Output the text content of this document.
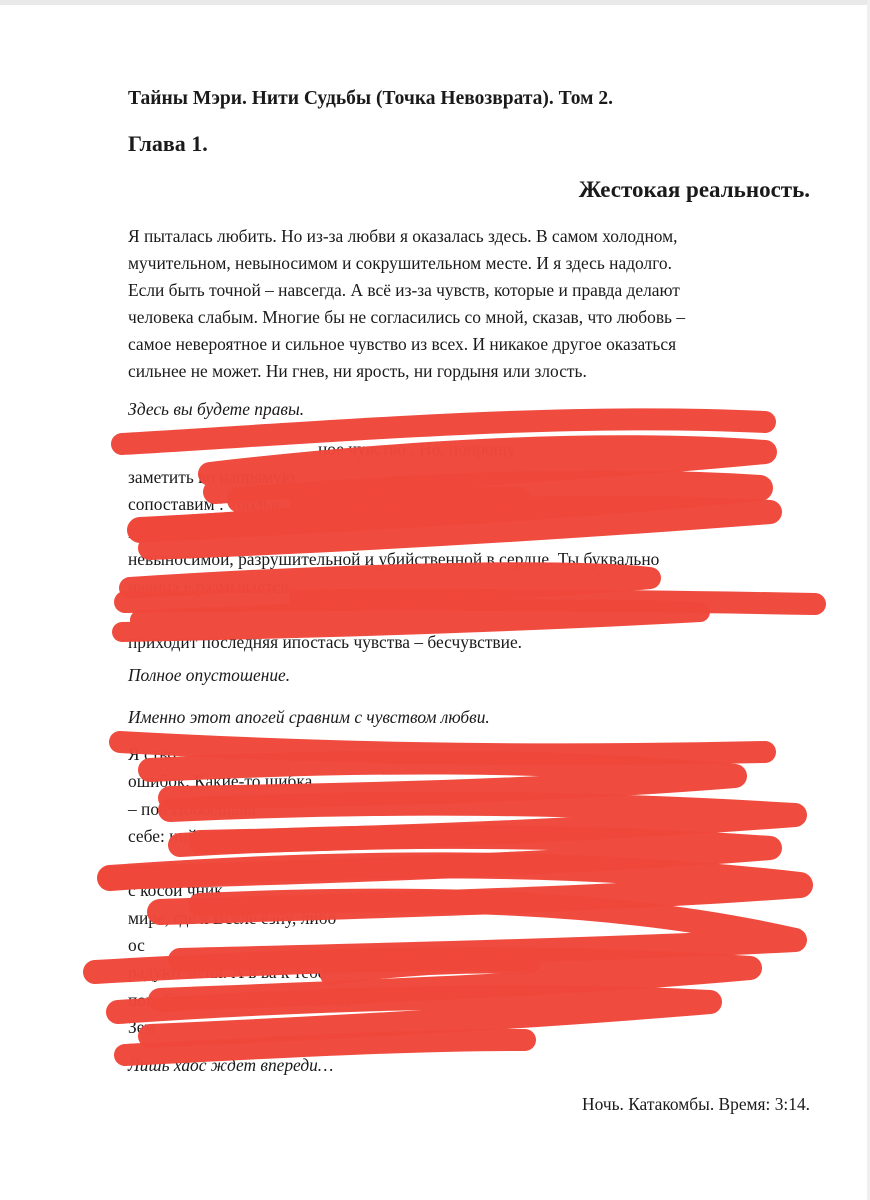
Тайны Мэри. Нити Судьбы (Точка Невозврата). Том 2.
Глава 1.
Жестокая реальность.

Я пыталась любить. Но из-за любви я оказалась здесь. В самом холодном,
мучительном, невыносимом и сокрушительном месте. И я здесь надолго.
Если быть точной – навсегда. А всё из-за чувств, которые и правда делают
человека слабым. Многие бы не согласились со мной, сказав, что любовь –
самое невероятное и сильное чувство из всех. И никакое другое оказаться
сильнее не может. Ни гнев, ни ярость, ни гордыня или злость.

Здесь вы будете правы.

ное чувство . Но, попрошу
заметить во напрямую
сопоставим : «боль». К челове
пр
невыносимой, разрушительной и убийственной в сердце. Ты буквально
начина е размывается,
приходит последняя ипостась чувства – бесчувствие.

Полное опустошение.

Именно этот апогей сравним с чувством любви.

Я ство
ошибок. Какие-то шибка
– пов Пообещала
себе: ний
с косой чник
мире, где я Вселе езну, либо
ос
радуют меня. А в ва к тебе
погиб гармонический элемент
Зем

Лишь хаос ждет впереди…

Ночь. Катакомбы. Время: 3:14.
